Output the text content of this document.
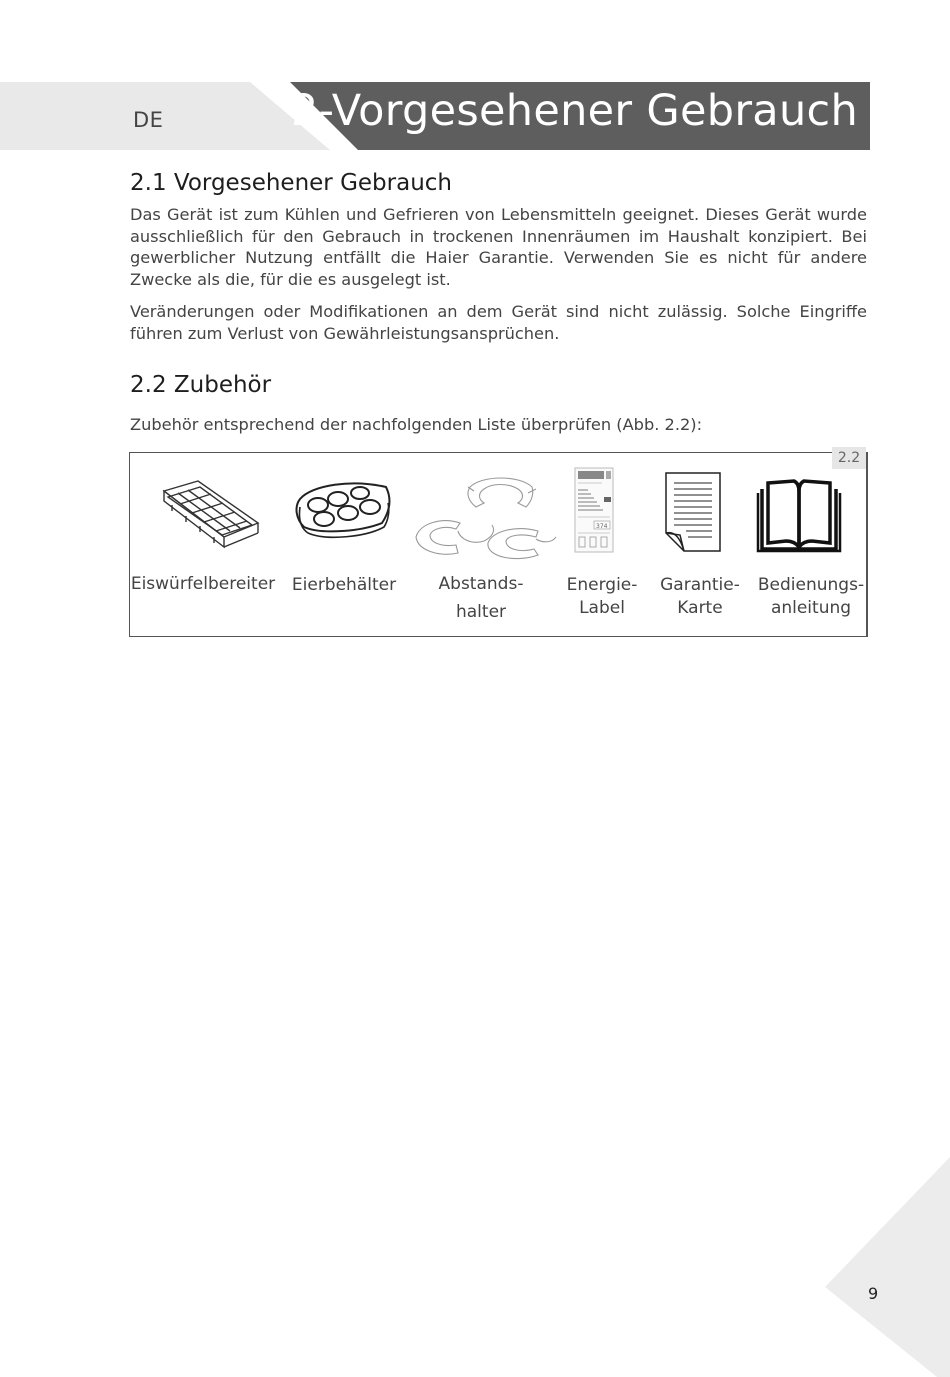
DE	2-Vorgesehener Gebrauch
2.1 Vorgesehener Gebrauch

Das Gerät ist zum Kühlen und Gefrieren von Lebensmitteln geeignet. Dieses Gerät wurde ausschließlich für den Gebrauch in trockenen Innenräumen im Haushalt konzipiert. Bei gewerblicher Nutzung entfällt die Haier Garantie. Verwenden Sie es nicht für andere Zwecke als die, für die es ausgelegt ist.

Veränderungen oder Modifikationen an dem Gerät sind nicht zulässig. Solche Eingriffe führen zum Verlust von Gewährleistungsansprüchen.

2.2 Zubehör

Zubehör entsprechend der nachfolgenden Liste überprüfen (Abb. 2.2):

2.2
374
Eiswürfelbereiter Eierbehälter	Abstands-
halter
Energie-
Label
Garantie-
Karte
Bedienungs-
anleitung
9
